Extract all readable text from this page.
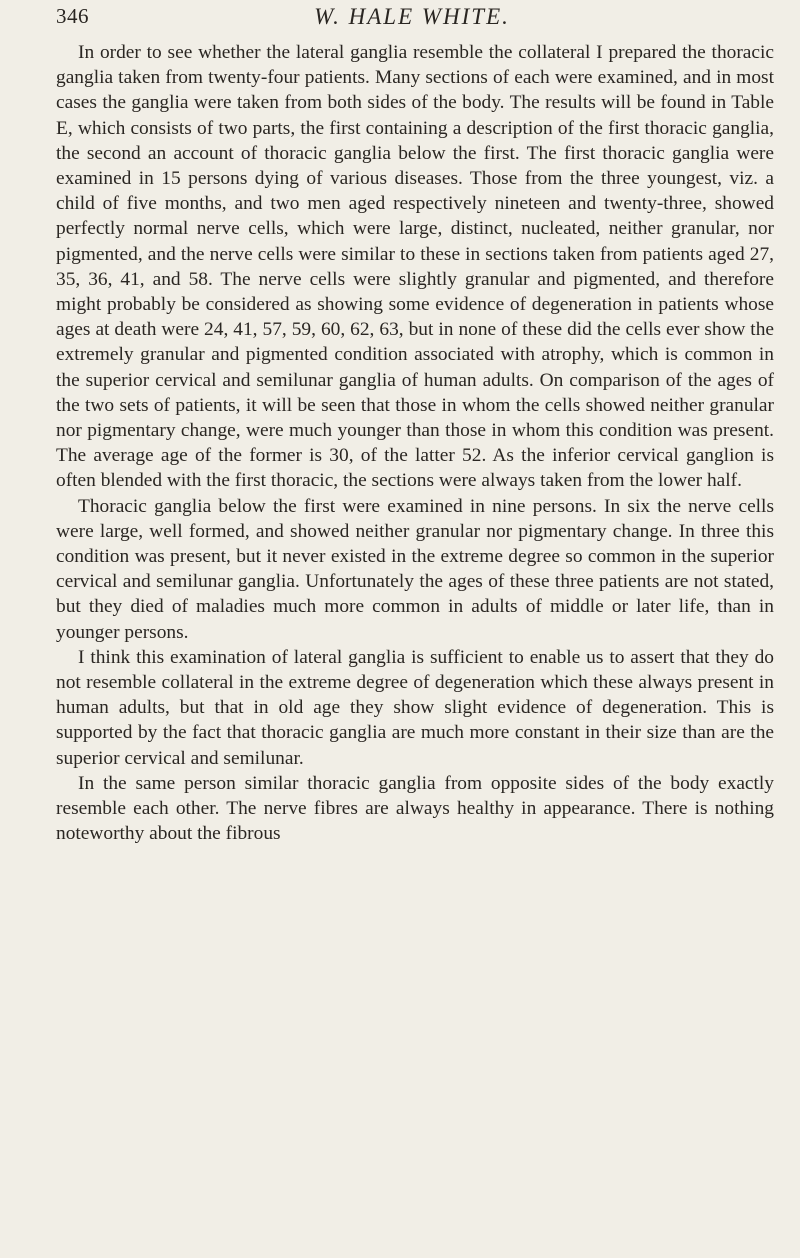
346	W. HALE WHITE.

In order to see whether the lateral ganglia resemble the collateral I prepared the thoracic ganglia taken from twenty-four patients. Many sections of each were examined, and in most cases the ganglia were taken from both sides of the body. The results will be found in Table E, which consists of two parts, the first containing a description of the first thoracic ganglia, the second an account of thoracic ganglia below the first. The first thoracic ganglia were examined in 15 persons dying of various diseases. Those from the three youngest, viz. a child of five months, and two men aged respectively nineteen and twenty-three, showed perfectly normal nerve cells, which were large, distinct, nucleated, neither granular, nor pigmented, and the nerve cells were similar to these in sections taken from patients aged 27, 35, 36, 41, and 58. The nerve cells were slightly granular and pigmented, and therefore might probably be considered as showing some evidence of degeneration in patients whose ages at death were 24, 41, 57, 59, 60, 62, 63, but in none of these did the cells ever show the extremely granular and pigmented condition associated with atrophy, which is common in the superior cervical and semilunar ganglia of human adults. On comparison of the ages of the two sets of patients, it will be seen that those in whom the cells showed neither granular nor pigmentary change, were much younger than those in whom this condition was present. The average age of the former is 30, of the latter 52. As the inferior cervical ganglion is often blended with the first thoracic, the sections were always taken from the lower half.

Thoracic ganglia below the first were examined in nine persons. In six the nerve cells were large, well formed, and showed neither granular nor pigmentary change. In three this condition was present, but it never existed in the extreme degree so common in the superior cervical and semilunar ganglia. Unfortunately the ages of these three patients are not stated, but they died of maladies much more common in adults of middle or later life, than in younger persons.

I think this examination of lateral ganglia is sufficient to enable us to assert that they do not resemble collateral in the extreme degree of degeneration which these always present in human adults, but that in old age they show slight evidence of degeneration. This is supported by the fact that thoracic ganglia are much more constant in their size than are the superior cervical and semilunar.

In the same person similar thoracic ganglia from opposite sides of the body exactly resemble each other. The nerve fibres are always healthy in appearance. There is nothing noteworthy about the fibrous
